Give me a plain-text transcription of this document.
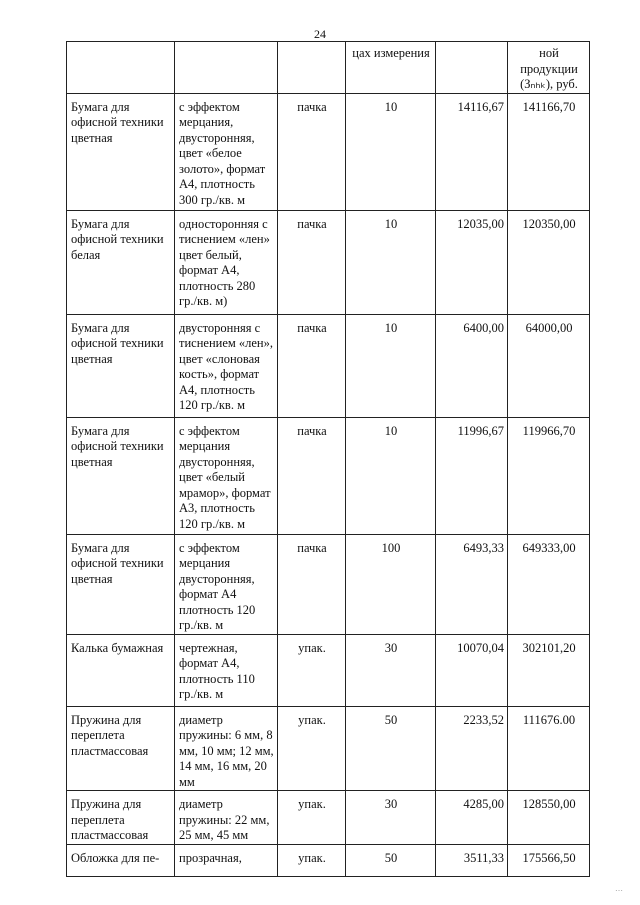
24

			цах измерения		ной продукции (Зₙₕₖ), руб.

Бумага для офисной техники цветная	с эффектом мерцания, двусторонняя, цвет «белое золото», формат А4, плотность 300 гр./кв. м	пачка	10	14116,67	141166,70
Бумага для офисной техники белая	односторонняя с тиснением «лен» цвет белый, формат А4, плотность 280 гр./кв. м)	пачка	10	12035,00	120350,00
Бумага для офисной техники цветная	двусторонняя с тиснением «лен», цвет «слоновая кость», формат А4, плотность 120 гр./кв. м	пачка	10	6400,00	64000,00
Бумага для офисной техники цветная	с эффектом мерцания двусторонняя, цвет «белый мрамор», формат А3, плотность 120 гр./кв. м	пачка	10	11996,67	119966,70
Бумага для офисной техники цветная	с эффектом мерцания двусторонняя, формат А4 плотность 120 гр./кв. м	пачка	100	6493,33	649333,00
Калька бумажная	чертежная, формат А4, плотность 110 гр./кв. м	упак.	30	10070,04	302101,20
Пружина для переплета пластмассовая	диаметр пружины: 6 мм, 8 мм, 10 мм; 12 мм, 14 мм, 16 мм, 20 мм	упак.	50	2233,52	111676.00
Пружина для переплета пластмассовая	диаметр пружины: 22 мм, 25 мм, 45 мм	упак.	30	4285,00	128550,00
Обложка для пе-	прозрачная,	упак.	50	3511,33	175566,50
…
